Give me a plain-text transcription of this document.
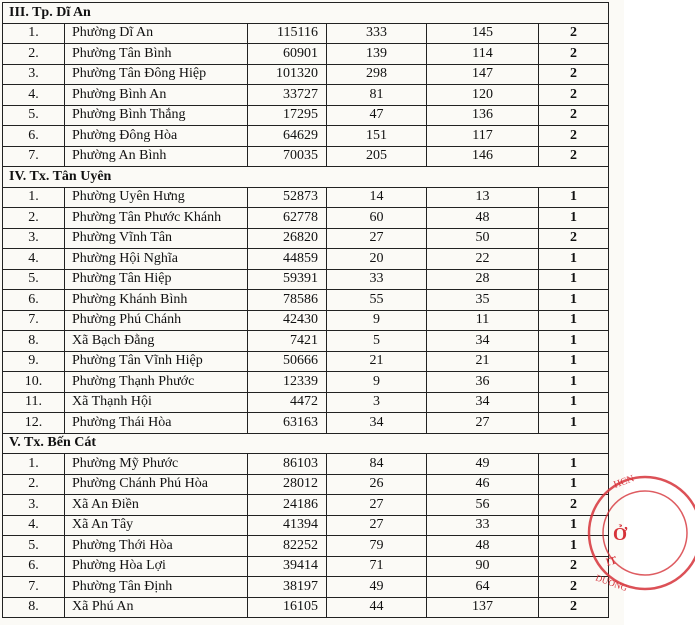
III. Tp. Dĩ An					
1.	Phường Dĩ An	115116	333	145	2
2.	Phường Tân Bình	60901	139	114	2
3.	Phường Tân Đông Hiệp	101320	298	147	2
4.	Phường Bình An	33727	81	120	2
5.	Phường Bình Thắng	17295	47	136	2
6.	Phường Đông Hòa	64629	151	117	2
7.	Phường An Bình	70035	205	146	2
IV. Tx. Tân Uyên					
1.	Phường Uyên Hưng	52873	14	13	1
2.	Phường Tân Phước Khánh	62778	60	48	1
3.	Phường Vĩnh Tân	26820	27	50	2
4.	Phường Hội Nghĩa	44859	20	22	1
5.	Phường Tân Hiệp	59391	33	28	1
6.	Phường Khánh Bình	78586	55	35	1
7.	Phường Phú Chánh	42430	9	11	1
8.	Xã Bạch Đằng	7421	5	34	1
9.	Phường Tân Vĩnh Hiệp	50666	21	21	1
10.	Phường Thạnh Phước	12339	9	36	1
11.	Xã Thạnh Hội	4472	3	34	1
12.	Phường Thái Hòa	63163	34	27	1
V. Tx. Bến Cát					
1.	Phường Mỹ Phước	86103	84	49	1
2.	Phường Chánh Phú Hòa	28012	26	46	1
3.	Xã An Điền	24186	27	56	2
4.	Xã An Tây	41394	27	33	1
5.	Phường Thới Hòa	82252	79	48	1
6.	Phường Hòa Lợi	39414	71	90	2
7.	Phường Tân Định	38197	49	64	2
8.	Xã Phú An	16105	44	137	2
HCN
Ở
rr
DƯƠNG
